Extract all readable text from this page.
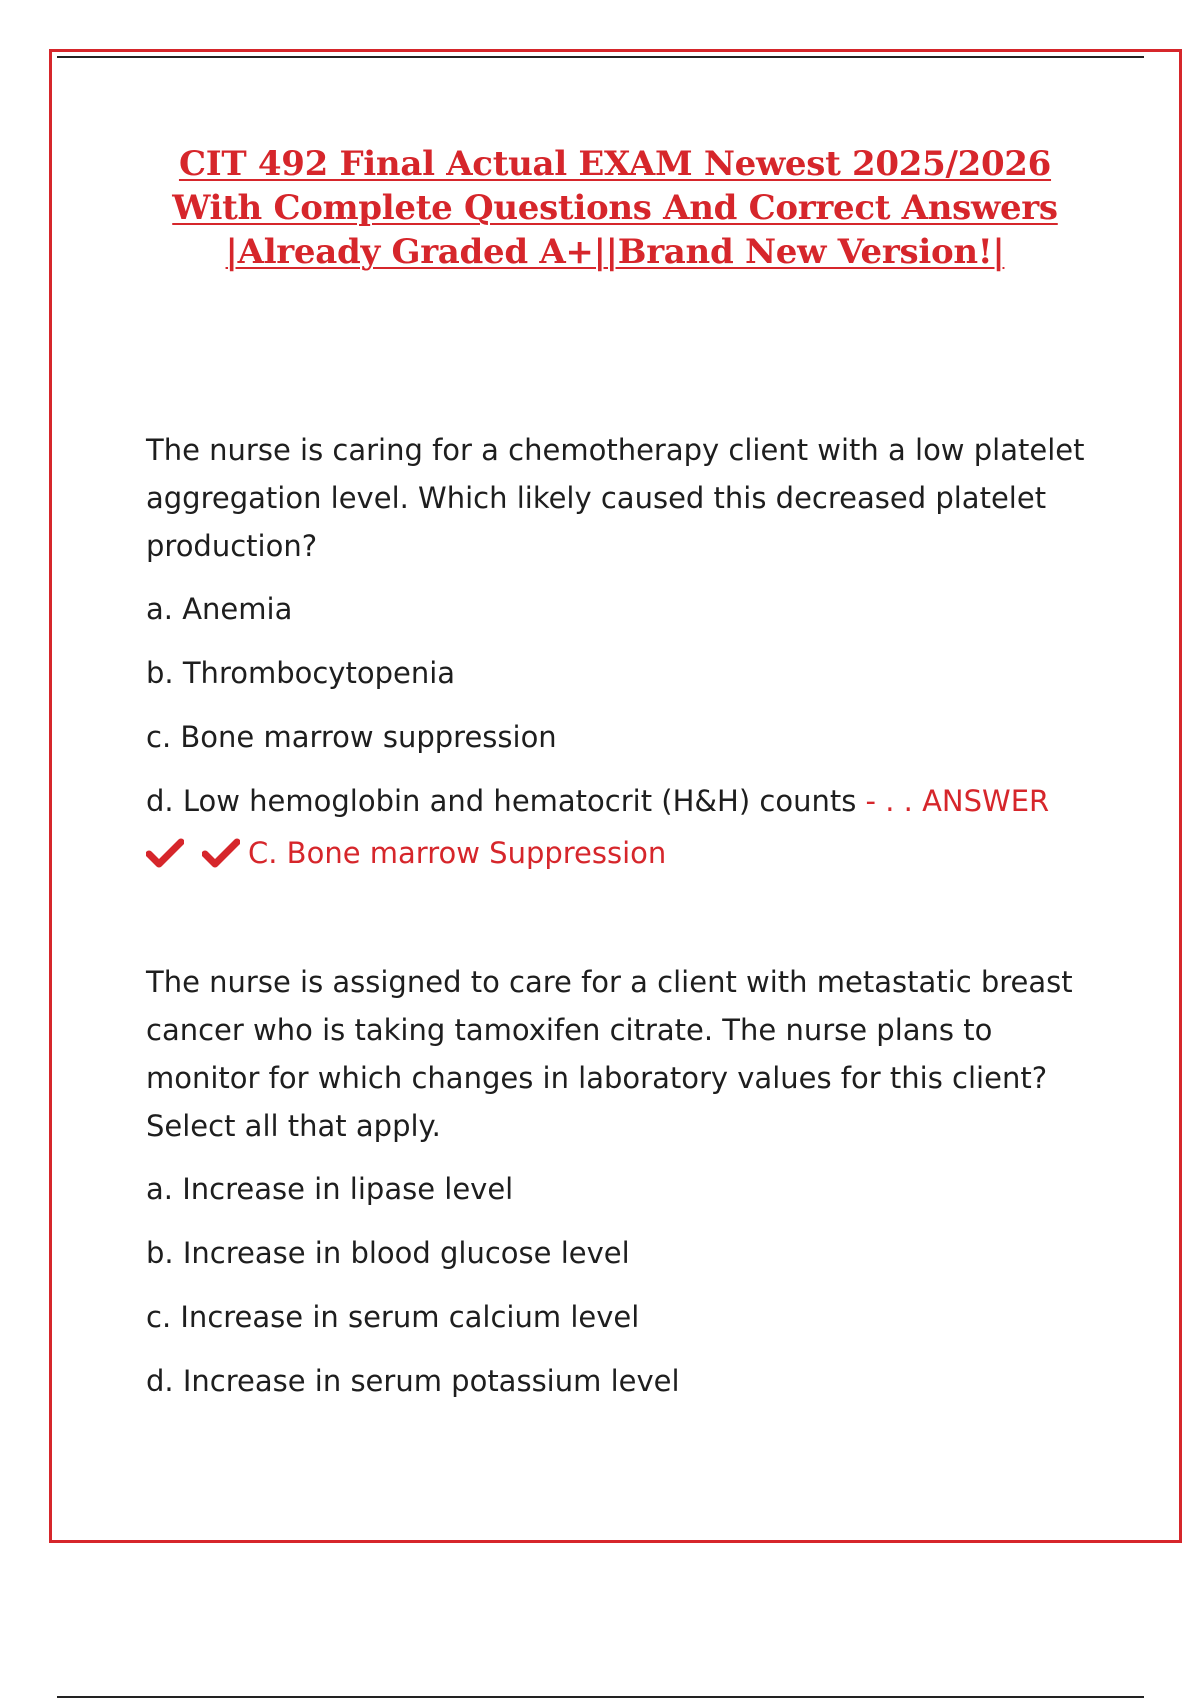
CIT 492 Final Actual EXAM Newest 2025/2026
With Complete Questions And Correct Answers
|Already Graded A+||Brand New Version!|

The nurse is caring for a chemotherapy client with a low platelet aggregation level. Which likely caused this decreased platelet production?

a. Anemia
b. Thrombocytopenia
c. Bone marrow suppression
d. Low hemoglobin and hematocrit (H&H) counts - . . ANSWER
C. Bone marrow Suppression

The nurse is assigned to care for a client with metastatic breast cancer who is taking tamoxifen citrate. The nurse plans to monitor for which changes in laboratory values for this client? Select all that apply.

a. Increase in lipase level
b. Increase in blood glucose level
c. Increase in serum calcium level
d. Increase in serum potassium level
